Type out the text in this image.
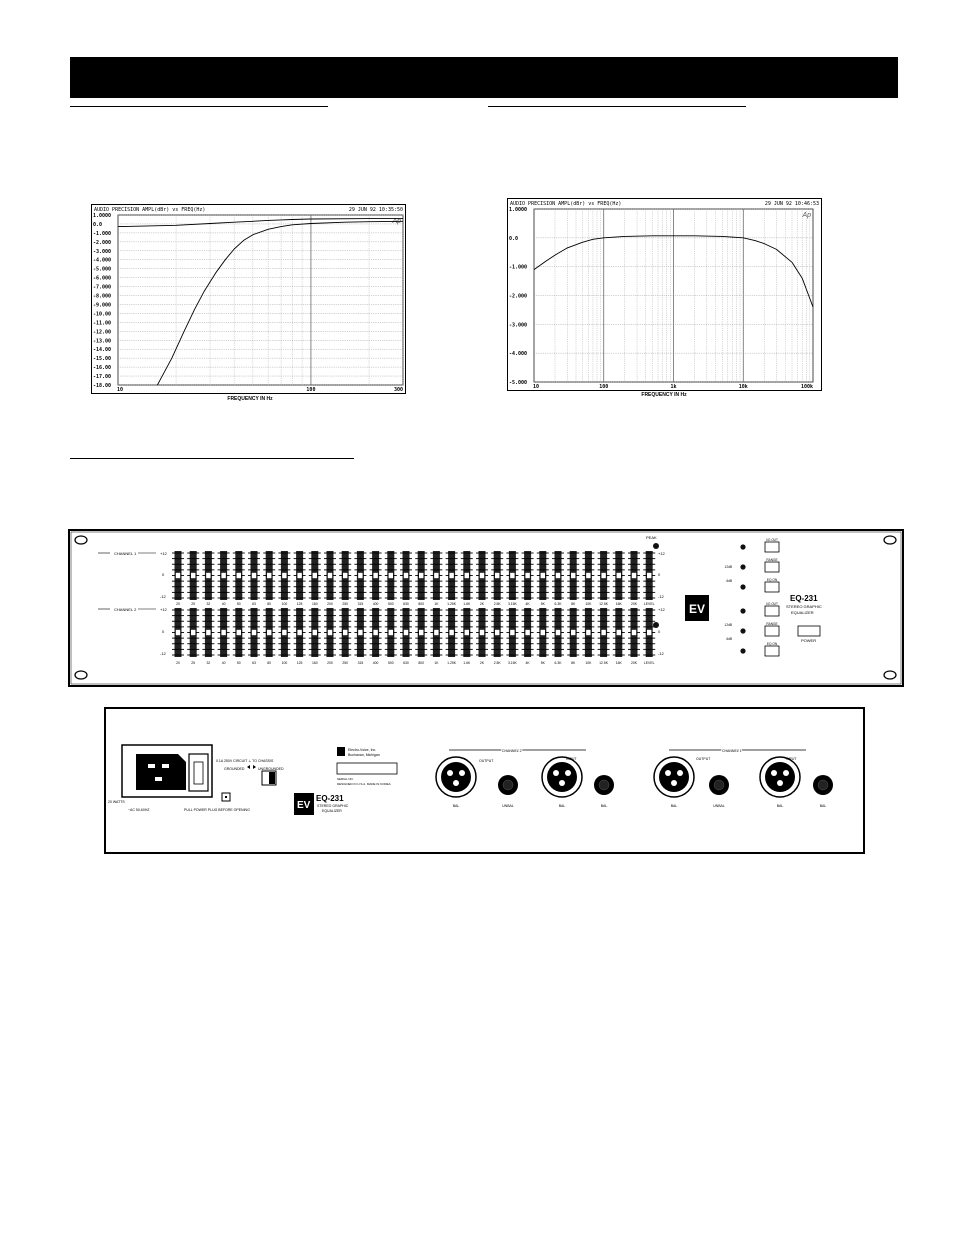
AUDIO PRECISION AMPL(dBr) vs FREQ(Hz)	29 JUN 92 10:35:50
Ap
1.0000
0.0
-1.000
-2.000
-3.000
-4.000
-5.000
-6.000
-7.000
-8.000
-9.000
-10.00
-11.00
-12.00
-13.00
-14.00
-15.00
-16.00
-17.00
-18.00
10	100	300
FREQUENCY IN Hz
AUDIO PRECISION AMPL(dBr) vs FREQ(Hz)	29 JUN 92 10:46:53
Ap
1.0000
0.0
-1.000
-2.000
-3.000
-4.000
-5.000
10	100	1k	10k	100k
FREQUENCY IN Hz
CHANNEL 1
CHANNEL 2
+12
0
-12
+12
0
-12
PEAK
20
20
25
25
32
32
40
40
50
50
63
63
80
80
100
100
125
125
160
160
200
200
250
250
315
315
400
400
500
500
630
630
800
800
1K
1K
1.25K
1.25K
1.6K
1.6K
2K
2K
2.5K
2.5K
3.15K
3.15K
4K
4K
5K
5K
6.3K
6.3K
8K
8K
10K
10K
12.5K
12.5K
16K
16K
20K
20K
LEVEL
LEVEL
+12
0
-12
+12
0
-12
EV
I/O OUT
RANGE
EQ ON
I/O OUT
RANGE
EQ ON
12dB
6dB
12dB
6dB
EQ-231
STEREO GRAPHIC
EQUALIZER
POWER
20 WATTS
~AC 50-60HZ	PULL POWER PLUG BEFORE OPENING
0.1A 250V CIRCUIT ⊥ TO CHASSIS
GROUNDED	UNGROUNDED
Electro-Voice, Inc.
Buchanan, Michigan
SERIAL NO.
DESIGNED IN U.S.A. MADE IN KOREA
EV
EQ-231
STEREO GRAPHIC
EQUALIZER
CHANNEL 2	CHANNEL 1
OUTPUT	INPUT	OUTPUT	INPUT
BAL	UNBAL	BAL	BAL	BAL	UNBAL	BAL	BAL
